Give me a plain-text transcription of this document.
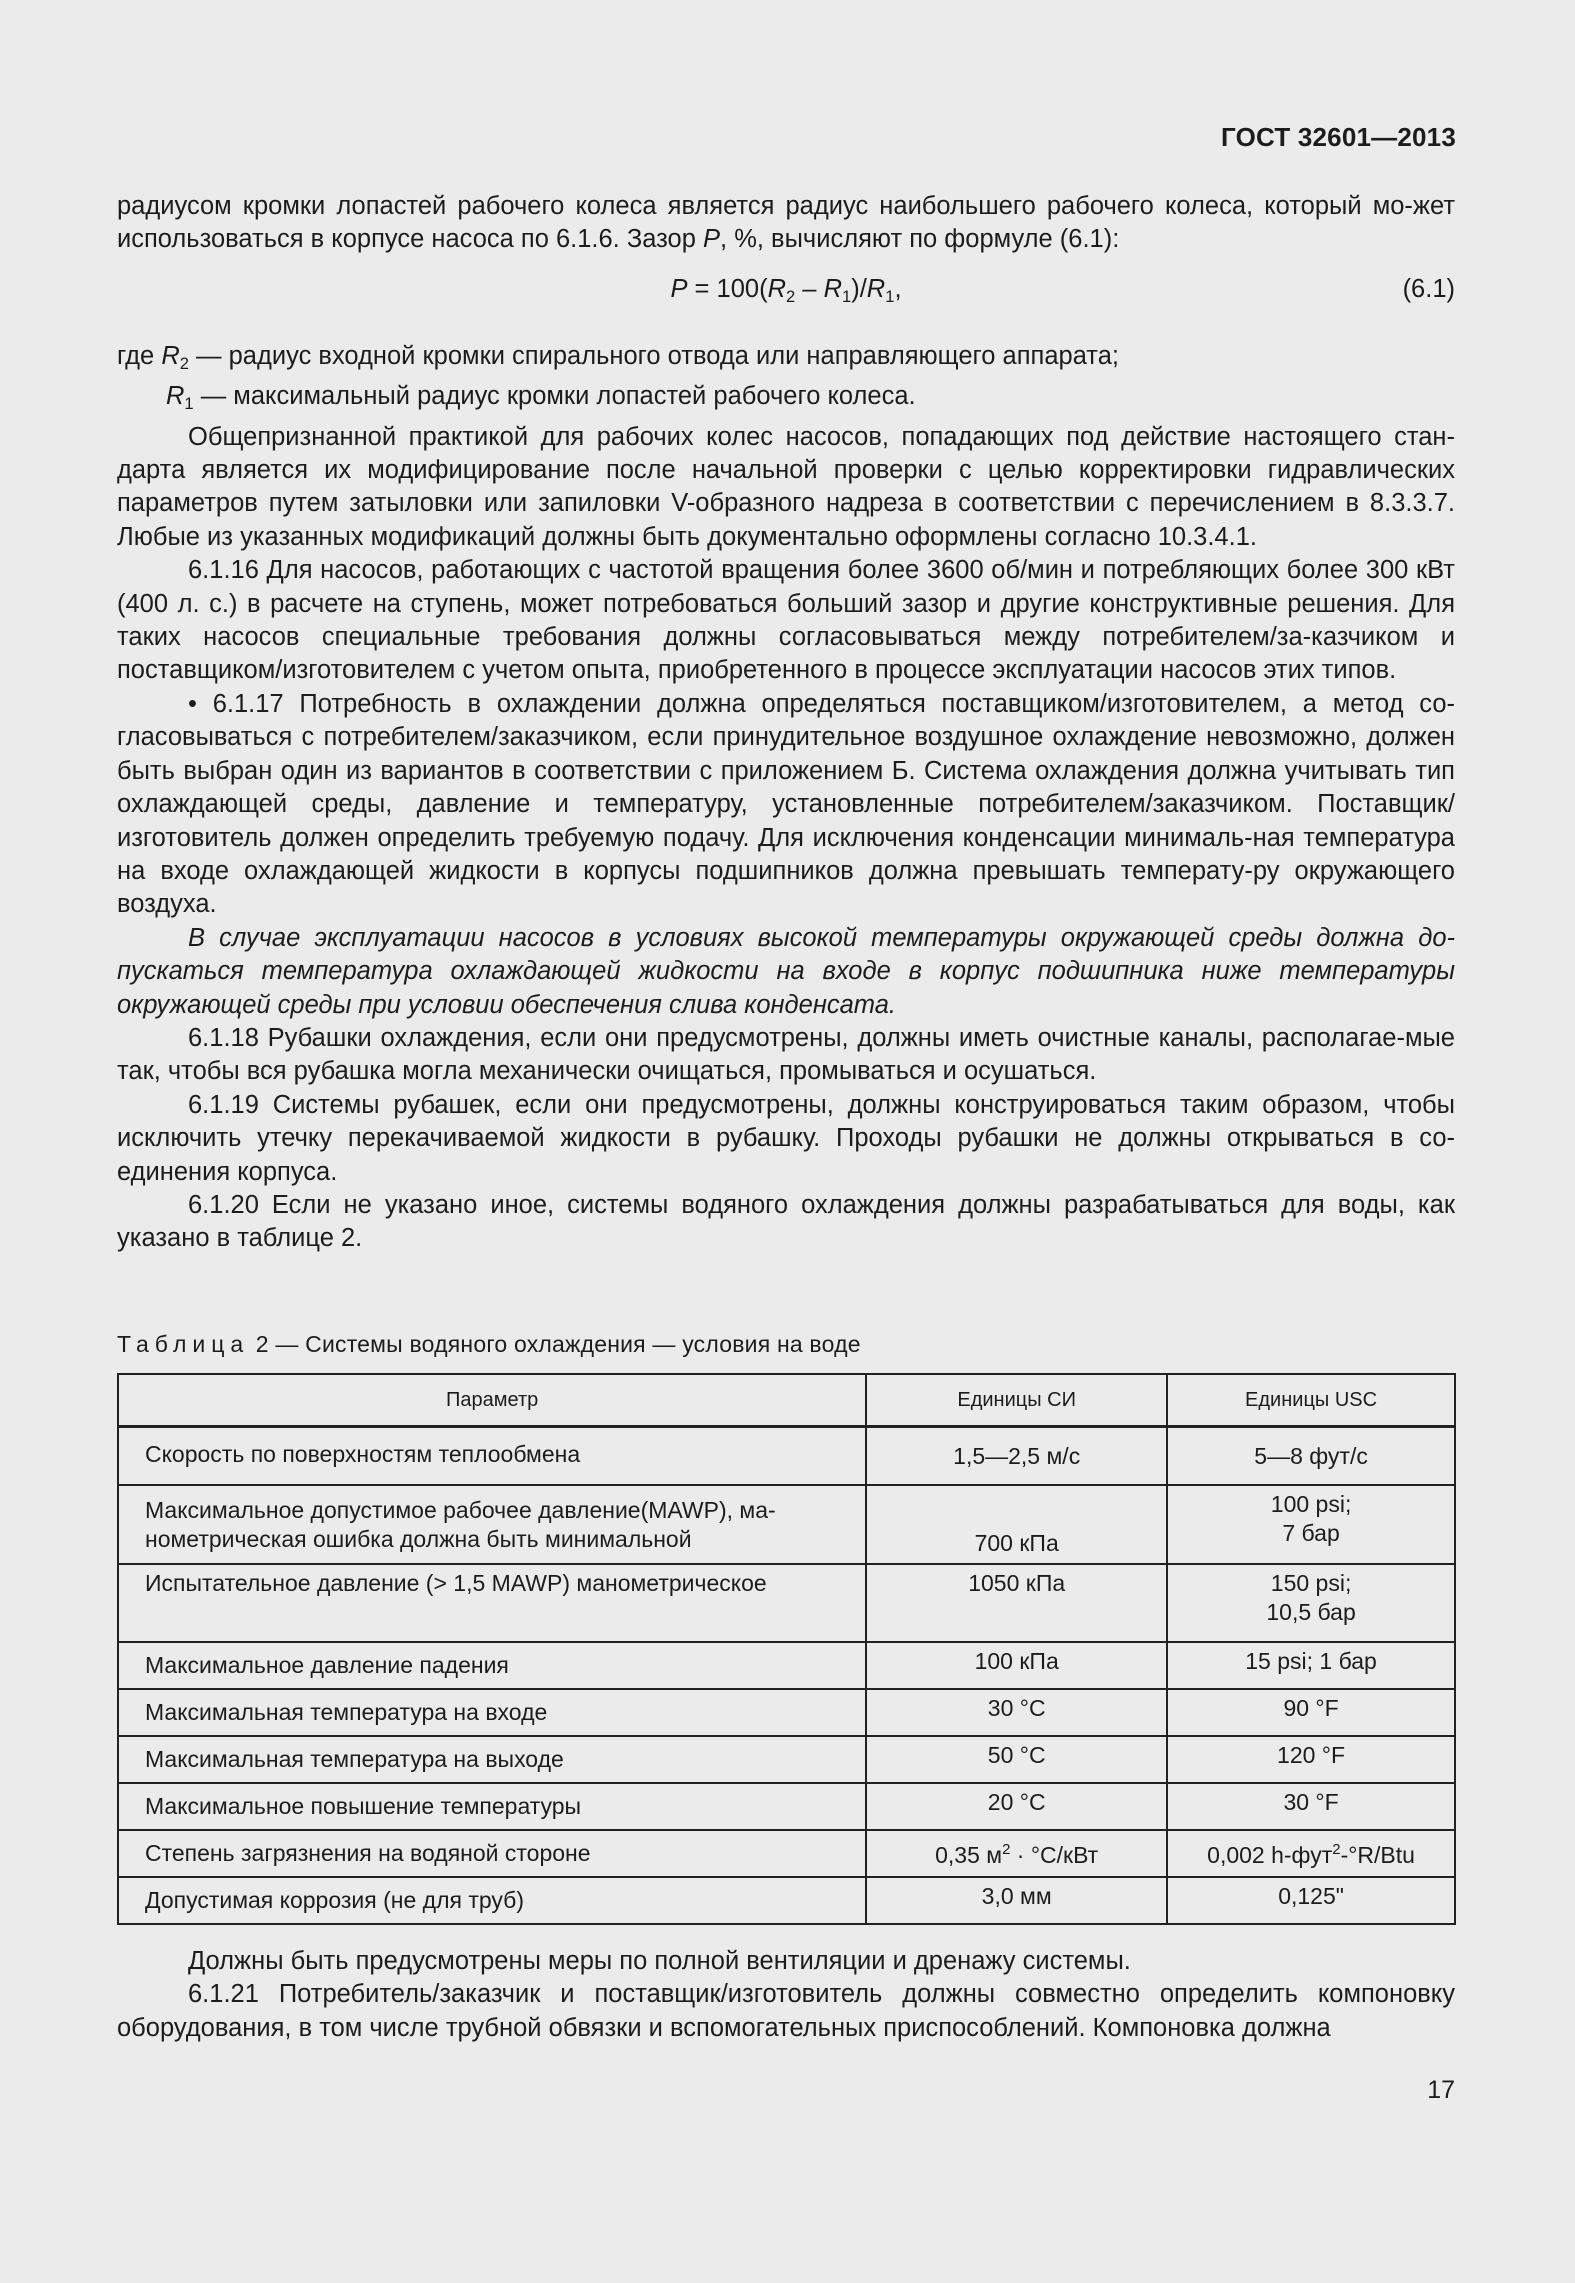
ГОСТ 32601—2013

радиусом кромки лопастей рабочего колеса является радиус наибольшего рабочего колеса, который мо-жет использоваться в корпусе насоса по 6.1.6. Зазор P, %, вычисляют по формуле (6.1):

$P = 100(R_2 - R_1)/R_1$,	(6.1)

где $R_2$ — радиус входной кромки спирального отвода или направляющего аппарата;

$R_1$ — максимальный радиус кромки лопастей рабочего колеса.

Общепризнанной практикой для рабочих колес насосов, попадающих под действие настоящего стан-дарта является их модифицирование после начальной проверки с целью корректировки гидравлических параметров путем затыловки или запиловки V-образного надреза в соответствии с перечислением в 8.3.3.7. Любые из указанных модификаций должны быть документально оформлены согласно 10.3.4.1.

6.1.16 Для насосов, работающих с частотой вращения более 3600 об/мин и потребляющих более 300 кВт (400 л. с.) в расчете на ступень, может потребоваться больший зазор и другие конструктивные решения. Для таких насосов специальные требования должны согласовываться между потребителем/за-казчиком и поставщиком/изготовителем с учетом опыта, приобретенного в процессе эксплуатации насосов этих типов.

• 6.1.17 Потребность в охлаждении должна определяться поставщиком/изготовителем, а метод со-гласовываться с потребителем/заказчиком, если принудительное воздушное охлаждение невозможно, должен быть выбран один из вариантов в соответствии с приложением Б. Система охлаждения должна учитывать тип охлаждающей среды, давление и температуру, установленные потребителем/заказчиком. Поставщик/изготовитель должен определить требуемую подачу. Для исключения конденсации минималь-ная температура на входе охлаждающей жидкости в корпусы подшипников должна превышать температу-ру окружающего воздуха.

В случае эксплуатации насосов в условиях высокой температуры окружающей среды должна до-пускаться температура охлаждающей жидкости на входе в корпус подшипника ниже температуры окружающей среды при условии обеспечения слива конденсата.

6.1.18 Рубашки охлаждения, если они предусмотрены, должны иметь очистные каналы, располагае-мые так, чтобы вся рубашка могла механически очищаться, промываться и осушаться.

6.1.19 Системы рубашек, если они предусмотрены, должны конструироваться таким образом, чтобы исключить утечку перекачиваемой жидкости в рубашку. Проходы рубашки не должны открываться в со-единения корпуса.

6.1.20 Если не указано иное, системы водяного охлаждения должны разрабатываться для воды, как указано в таблице 2.

Таблица 2 — Системы водяного охлаждения — условия на воде
Параметр	Единицы СИ	Единицы USC
Скорость по поверхностям теплообмена	1,5—2,5 м/с	5—8 фут/с
Максимальное допустимое рабочее давление(MAWP), ма-нометрическая ошибка должна быть минимальной	700 кПа	100 psi;
7 бар

Испытательное давление (> 1,5 MAWP) манометрическое	1050 кПа	150 psi;
10,5 бар

Максимальное давление падения	100 кПа	15 psi; 1 бар
Максимальная температура на входе	30 °С	90 °F
Максимальная температура на выходе	50 °С	120 °F
Максимальное повышение температуры	20 °С	30 °F
Степень загрязнения на водяной стороне	0,35 $м^2 \cdot ^\circ С/кВт$	0,002 h-фут$^2$-°R/Btu
Допустимая коррозия (не для труб)	3,0 мм	0,125"

Должны быть предусмотрены меры по полной вентиляции и дренажу системы.

6.1.21 Потребитель/заказчик и поставщик/изготовитель должны совместно определить компоновку оборудования, в том числе трубной обвязки и вспомогательных приспособлений. Компоновка должна

17
